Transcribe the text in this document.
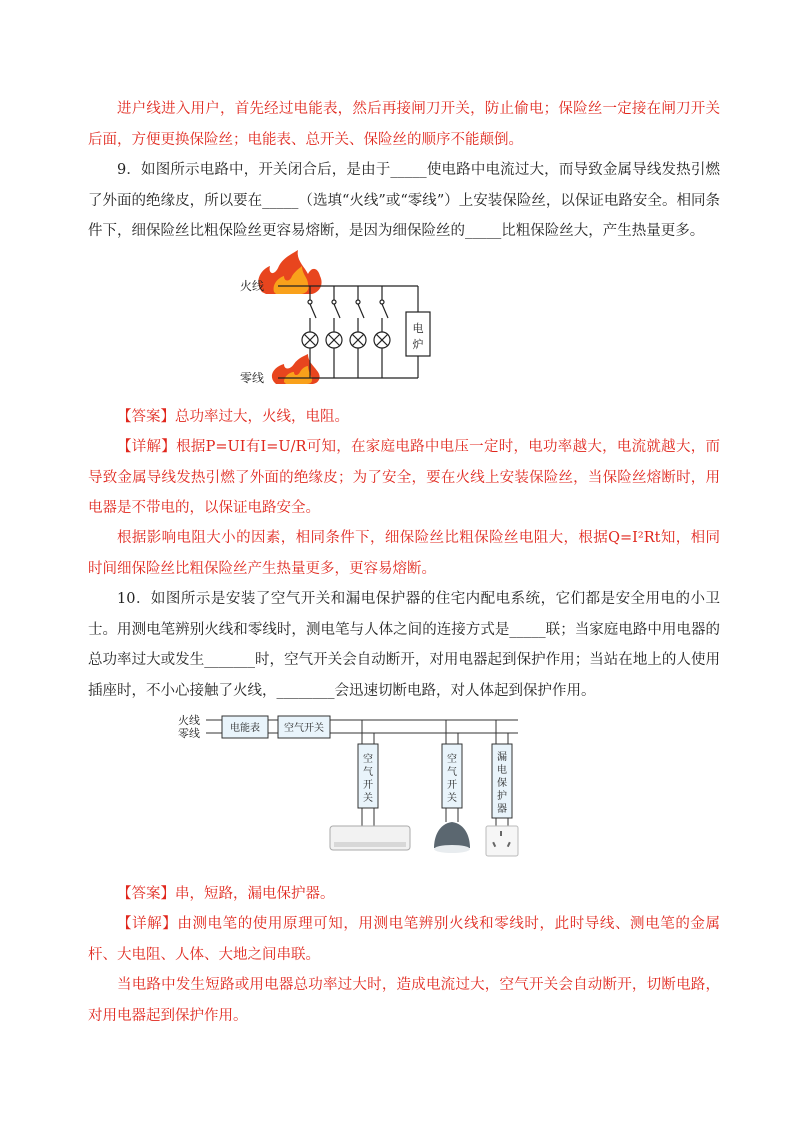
进户线进入用户，首先经过电能表，然后再接闸刀开关，防止偷电；保险丝一定接在闸刀开关后面，方便更换保险丝；电能表、总开关、保险丝的顺序不能颠倒。
9．如图所示电路中，开关闭合后，是由于_____使电路中电流过大，而导致金属导线发热引燃了外面的绝缘皮，所以要在_____（选填“火线”或“零线”）上安装保险丝，以保证电路安全。相同条件下，细保险丝比粗保险丝更容易熔断，是因为细保险丝的_____比粗保险丝大，产生热量更多。
火线
零线
电
炉
【答案】总功率过大，火线，电阻。
【详解】根据P=UI有I=U/R可知，在家庭电路中电压一定时，电功率越大，电流就越大，而导致金属导线发热引燃了外面的绝缘皮；为了安全，要在火线上安装保险丝，当保险丝熔断时，用电器是不带电的，以保证电路安全。
根据影响电阻大小的因素，相同条件下，细保险丝比粗保险丝电阻大，根据Q=I²Rt知，相同时间细保险丝比粗保险丝产生热量更多，更容易熔断。
10．如图所示是安装了空气开关和漏电保护器的住宅内配电系统，它们都是安全用电的小卫士。用测电笔辨别火线和零线时，测电笔与人体之间的连接方式是_____联；当家庭电路中用电器的总功率过大或发生_______时，空气开关会自动断开，对用电器起到保护作用；当站在地上的人使用插座时，不小心接触了火线，________会迅速切断电路，对人体起到保护作用。
火线
零线	电能表 空气开关
空气开关
空气开关
漏电保护器
【答案】串，短路，漏电保护器。
【详解】由测电笔的使用原理可知，用测电笔辨别火线和零线时，此时导线、测电笔的金属杆、大电阻、人体、大地之间串联。
当电路中发生短路或用电器总功率过大时，造成电流过大，空气开关会自动断开，切断电路，对用电器起到保护作用。
